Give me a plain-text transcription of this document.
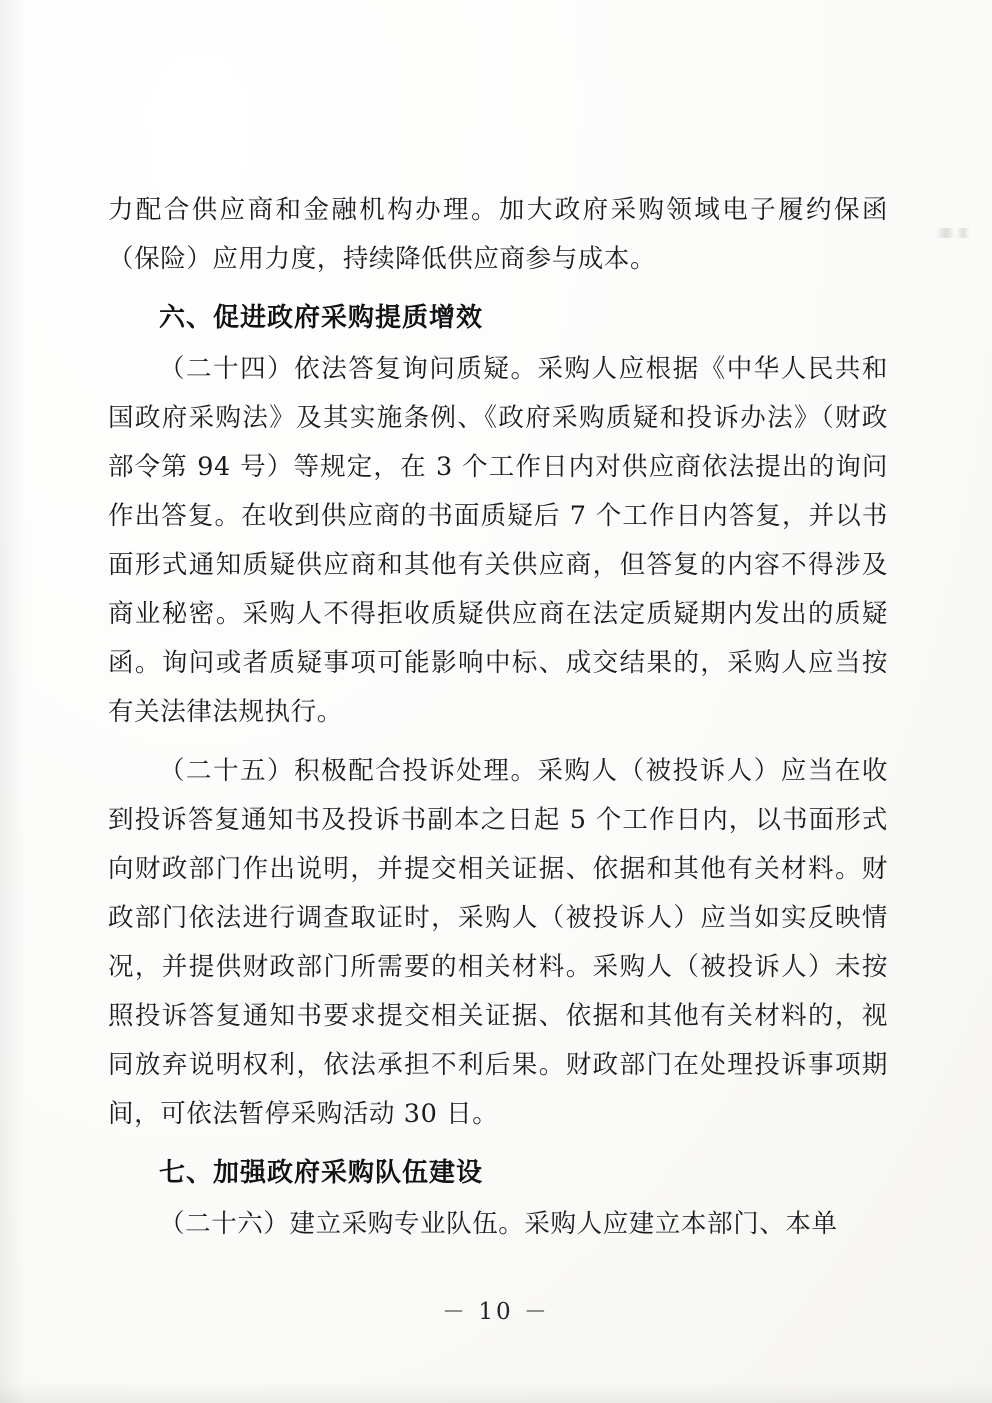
力配合供应商和金融机构办理。加大政府采购领域电子履约保函（保险）应用力度，持续降低供应商参与成本。

六、促进政府采购提质增效

（二十四）依法答复询问质疑。采购人应根据《中华人民共和国政府采购法》及其实施条例、《政府采购质疑和投诉办法》（财政部令第 94 号）等规定，在 3 个工作日内对供应商依法提出的询问作出答复。在收到供应商的书面质疑后 7 个工作日内答复，并以书面形式通知质疑供应商和其他有关供应商，但答复的内容不得涉及商业秘密。采购人不得拒收质疑供应商在法定质疑期内发出的质疑函。询问或者质疑事项可能影响中标、成交结果的，采购人应当按有关法律法规执行。

（二十五）积极配合投诉处理。采购人（被投诉人）应当在收到投诉答复通知书及投诉书副本之日起 5 个工作日内，以书面形式向财政部门作出说明，并提交相关证据、依据和其他有关材料。财政部门依法进行调查取证时，采购人（被投诉人）应当如实反映情况，并提供财政部门所需要的相关材料。采购人（被投诉人）未按照投诉答复通知书要求提交相关证据、依据和其他有关材料的，视同放弃说明权利，依法承担不利后果。财政部门在处理投诉事项期间，可依法暂停采购活动 30 日。

七、加强政府采购队伍建设

（二十六）建立采购专业队伍。采购人应建立本部门、本单

－ 10 －
